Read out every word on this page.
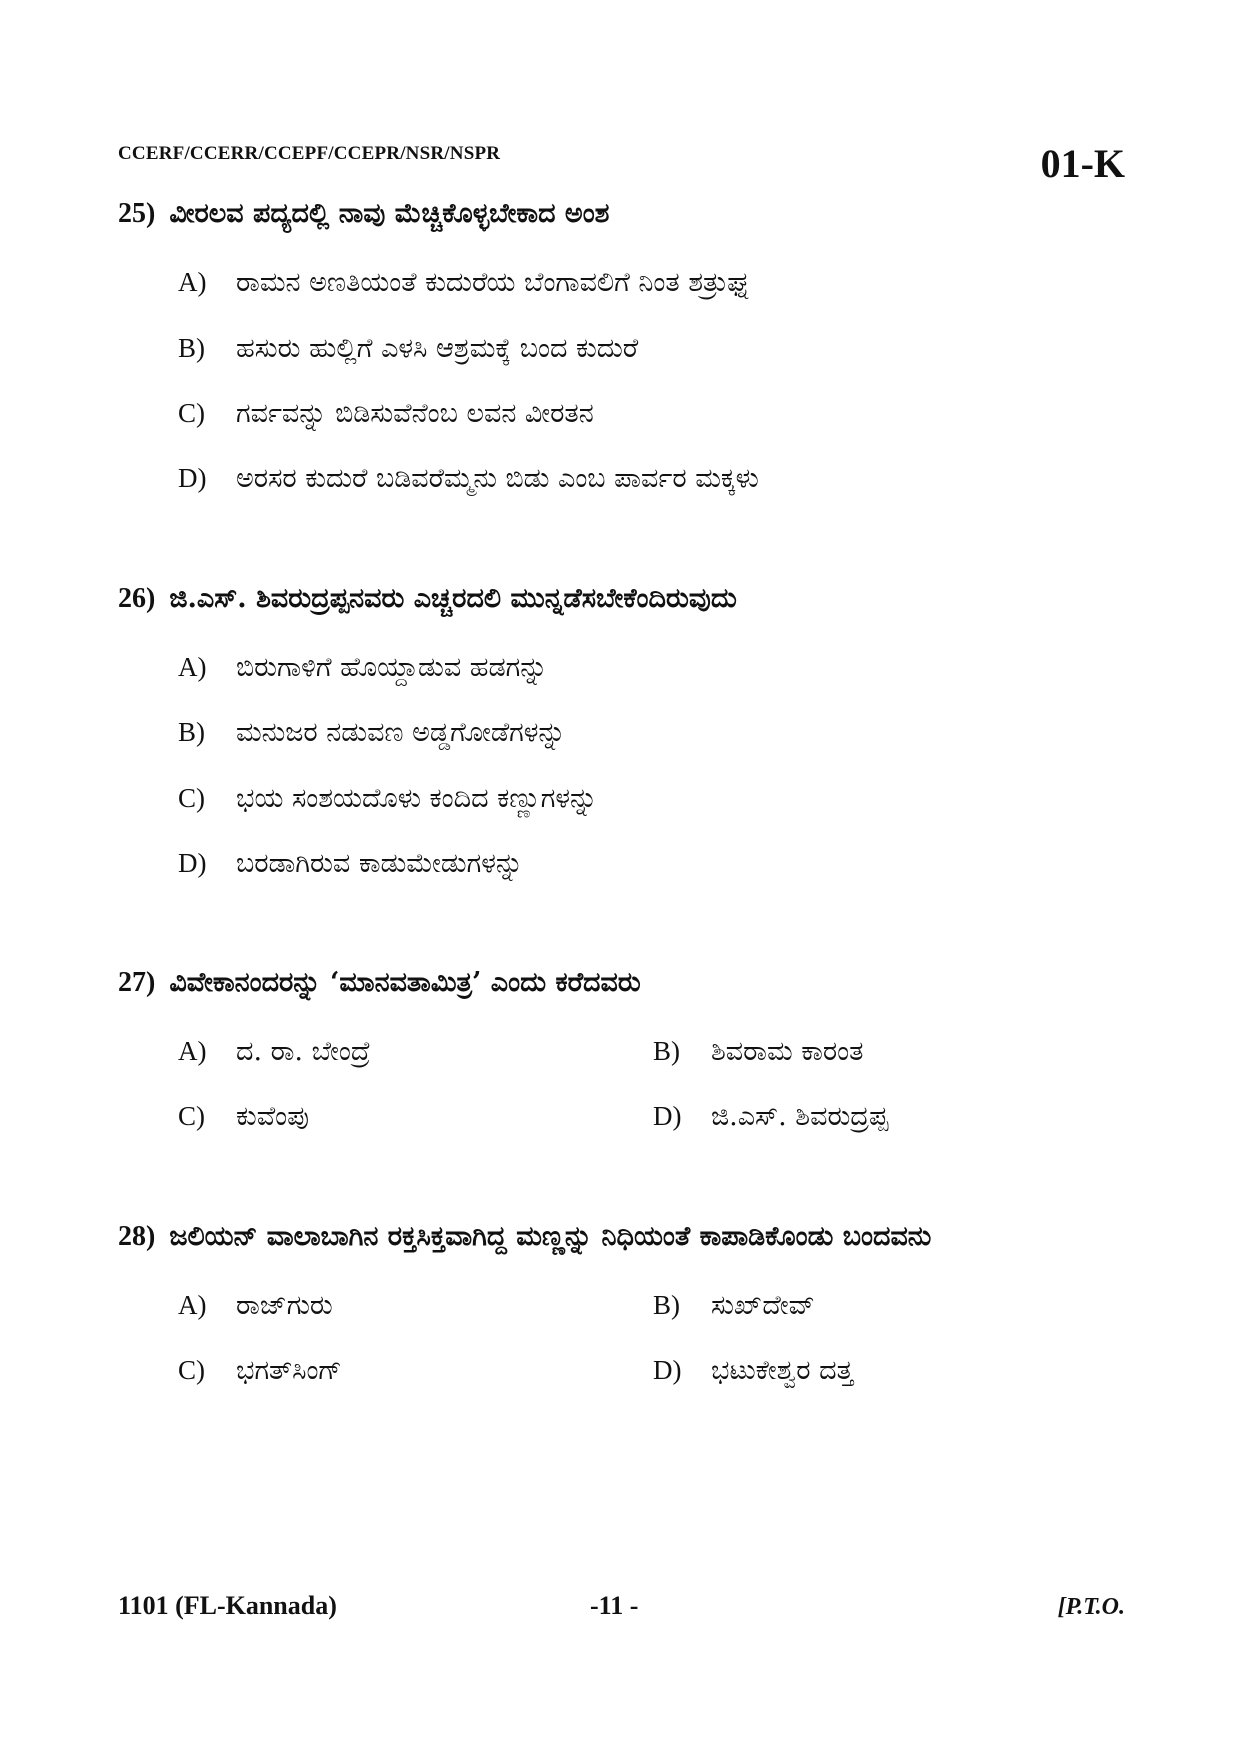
CCERF/CCERR/CCEPF/CCEPR/NSR/NSPR	01-K
25) ವೀರಲವ ಪದ್ಯದಲ್ಲಿ ನಾವು ಮೆಚ್ಚಿಕೊಳ್ಳಬೇಕಾದ ಅಂಶ
A) ರಾಮನ ಅಣತಿಯಂತೆ ಕುದುರೆಯ ಬೆಂಗಾವಲಿಗೆ ನಿಂತ ಶತ್ರುಘ್ನ
B) ಹಸುರು ಹುಲ್ಲಿಗೆ ಎಳಸಿ ಆಶ್ರಮಕ್ಕೆ ಬಂದ ಕುದುರೆ
C) ಗರ್ವವನ್ನು ಬಿಡಿಸುವೆನೆಂಬ ಲವನ ವೀರತನ
D) ಅರಸರ ಕುದುರೆ ಬಡಿವರೆಮ್ಮನು ಬಿಡು ಎಂಬ ಪಾರ್ವರ ಮಕ್ಕಳು
26) ಜಿ.ಎಸ್. ಶಿವರುದ್ರಪ್ಪನವರು ಎಚ್ಚರದಲಿ ಮುನ್ನಡೆಸಬೇಕೆಂದಿರುವುದು
A) ಬಿರುಗಾಳಿಗೆ ಹೊಯ್ದಾಡುವ ಹಡಗನ್ನು
B) ಮನುಜರ ನಡುವಣ ಅಡ್ಡಗೋಡೆಗಳನ್ನು
C) ಭಯ ಸಂಶಯದೊಳು ಕಂದಿದ ಕಣ್ಣುಗಳನ್ನು
D) ಬರಡಾಗಿರುವ ಕಾಡುಮೇಡುಗಳನ್ನು
27) ವಿವೇಕಾನಂದರನ್ನು ‘ಮಾನವತಾಮಿತ್ರ’ ಎಂದು ಕರೆದವರು
A) ದ. ರಾ. ಬೇಂದ್ರೆ	B) ಶಿವರಾಮ ಕಾರಂತ
C) ಕುವೆಂಪು	D) ಜಿ.ಎಸ್. ಶಿವರುದ್ರಪ್ಪ
28) ಜಲಿಯನ್ ವಾಲಾಬಾಗಿನ ರಕ್ತಸಿಕ್ತವಾಗಿದ್ದ ಮಣ್ಣನ್ನು ನಿಧಿಯಂತೆ ಕಾಪಾಡಿಕೊಂಡು ಬಂದವನು
A) ರಾಜ್‌ಗುರು	B) ಸುಖ್‌ದೇವ್
C) ಭಗತ್‌ಸಿಂಗ್	D) ಭಟುಕೇಶ್ವರ ದತ್ತ
1101 (FL-Kannada)	-11 -	[P.T.O.
